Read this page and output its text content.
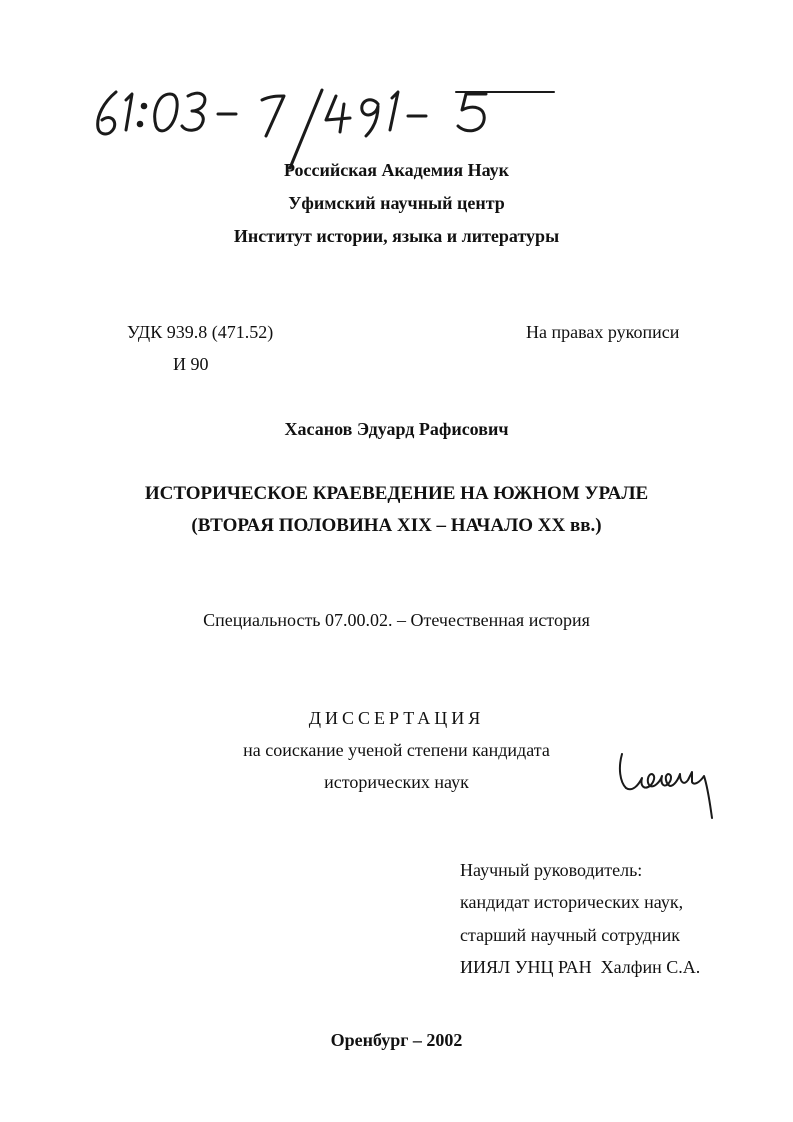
Российская Академия Наук
Уфимский научный центр
Институт истории, языка и литературы
УДК 939.8 (471.52)
И 90
На правах рукописи
Хасанов Эдуард Рафисович
ИСТОРИЧЕСКОЕ КРАЕВЕДЕНИЕ НА ЮЖНОМ УРАЛЕ
(ВТОРАЯ ПОЛОВИНА XIX – НАЧАЛО XX вв.)
Специальность 07.00.02. – Отечественная история
ДИССЕРТАЦИЯ
на соискание ученой степени кандидата
исторических наук
Научный руководитель:
кандидат исторических наук,
старший научный сотрудник
ИИЯЛ УНЦ РАН  Халфин С.А.
Оренбург – 2002
